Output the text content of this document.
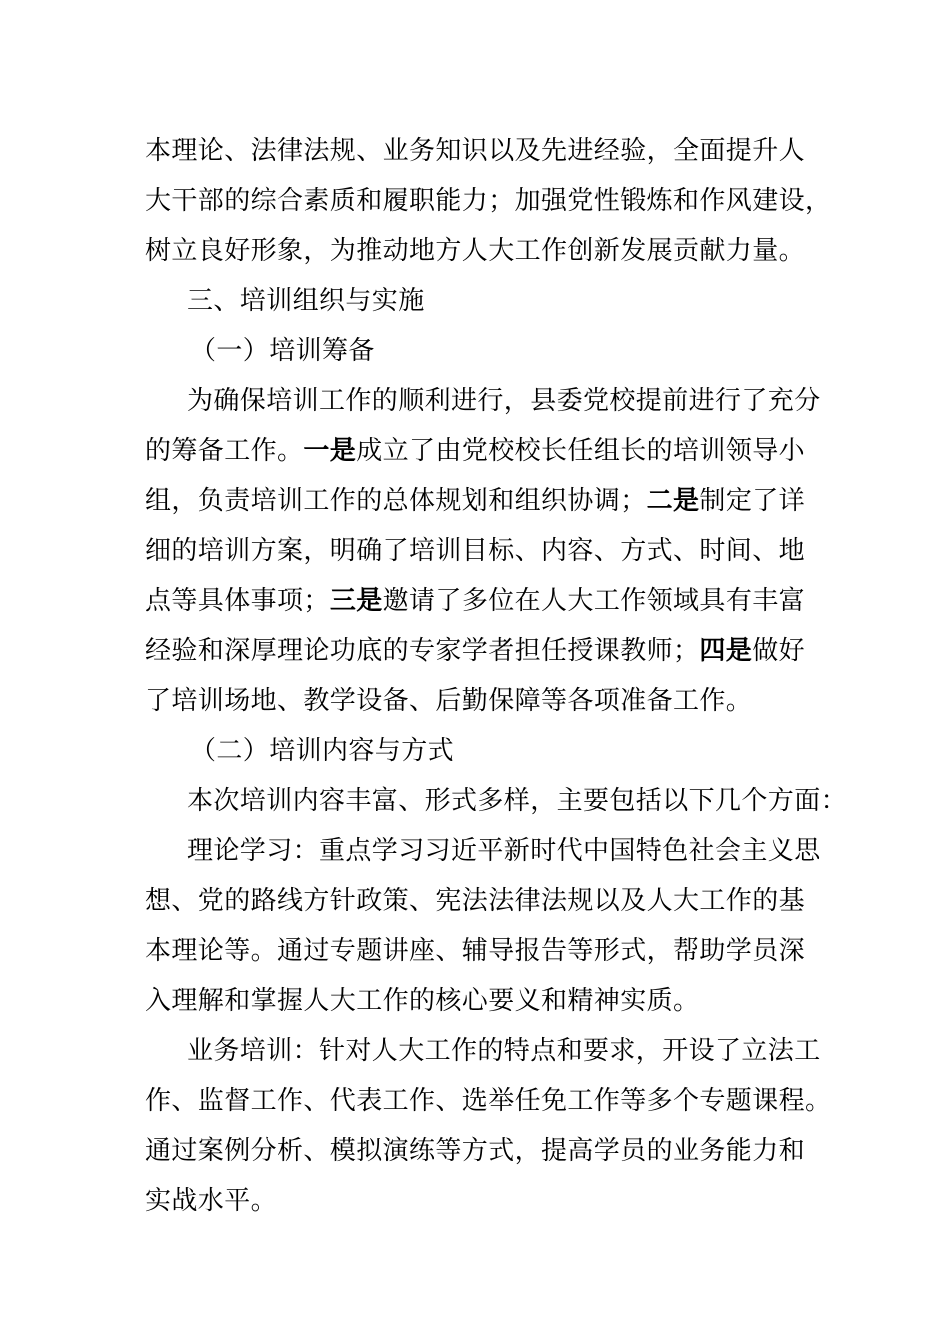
本理论、法律法规、业务知识以及先进经验，全面提升人
大干部的综合素质和履职能力；加强党性锻炼和作风建设，
树立良好形象，为推动地方人大工作创新发展贡献力量。
三、培训组织与实施
（一）培训筹备
为确保培训工作的顺利进行，县委党校提前进行了充分
的筹备工作。一是成立了由党校校长任组长的培训领导小
组，负责培训工作的总体规划和组织协调；二是制定了详
细的培训方案，明确了培训目标、内容、方式、时间、地
点等具体事项；三是邀请了多位在人大工作领域具有丰富
经验和深厚理论功底的专家学者担任授课教师；四是做好
了培训场地、教学设备、后勤保障等各项准备工作。
（二）培训内容与方式
本次培训内容丰富、形式多样，主要包括以下几个方面：
理论学习：重点学习习近平新时代中国特色社会主义思
想、党的路线方针政策、宪法法律法规以及人大工作的基
本理论等。通过专题讲座、辅导报告等形式，帮助学员深
入理解和掌握人大工作的核心要义和精神实质。
业务培训：针对人大工作的特点和要求，开设了立法工
作、监督工作、代表工作、选举任免工作等多个专题课程。
通过案例分析、模拟演练等方式，提高学员的业务能力和
实战水平。
